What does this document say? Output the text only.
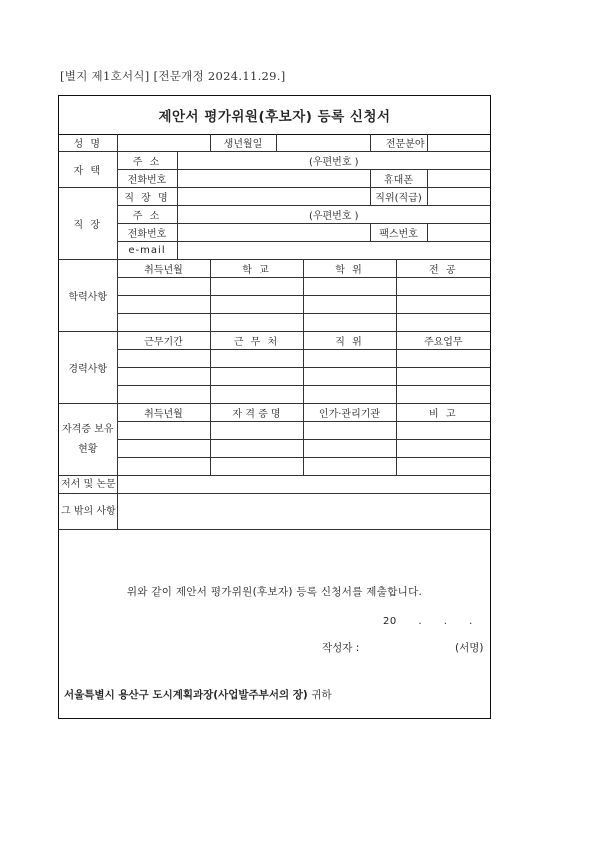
[별지 제1호서식] [전문개정 2024.11.29.]
제안서 평가위원(후보자) 등록 신청서
성 명			생년월일			전문분야		
자 택	주 소	(우편번호 )						
	전화번호					휴대폰		
직 장	직 장 명					직위(직급)		
	주 소	(우편번호 )						
	전화번호					팩스번호		
	e-mail							
학력사항	취득년월		학 교		학 위		전 공	

경력사항	근무기간		근 무 처		직 위		주요업무	

자격증 보유현황	취득년월		자 격 증 명		인가·관리기관		비 고	

저서 및 논문								
그 밖의 사항								
위와 같이 제안서 평가위원(후보자) 등록 신청서를 제출합니다.
20 . . .
작성자 :	(서명)
서울특별시 용산구 도시계획과장(사업발주부서의 장) 귀하
